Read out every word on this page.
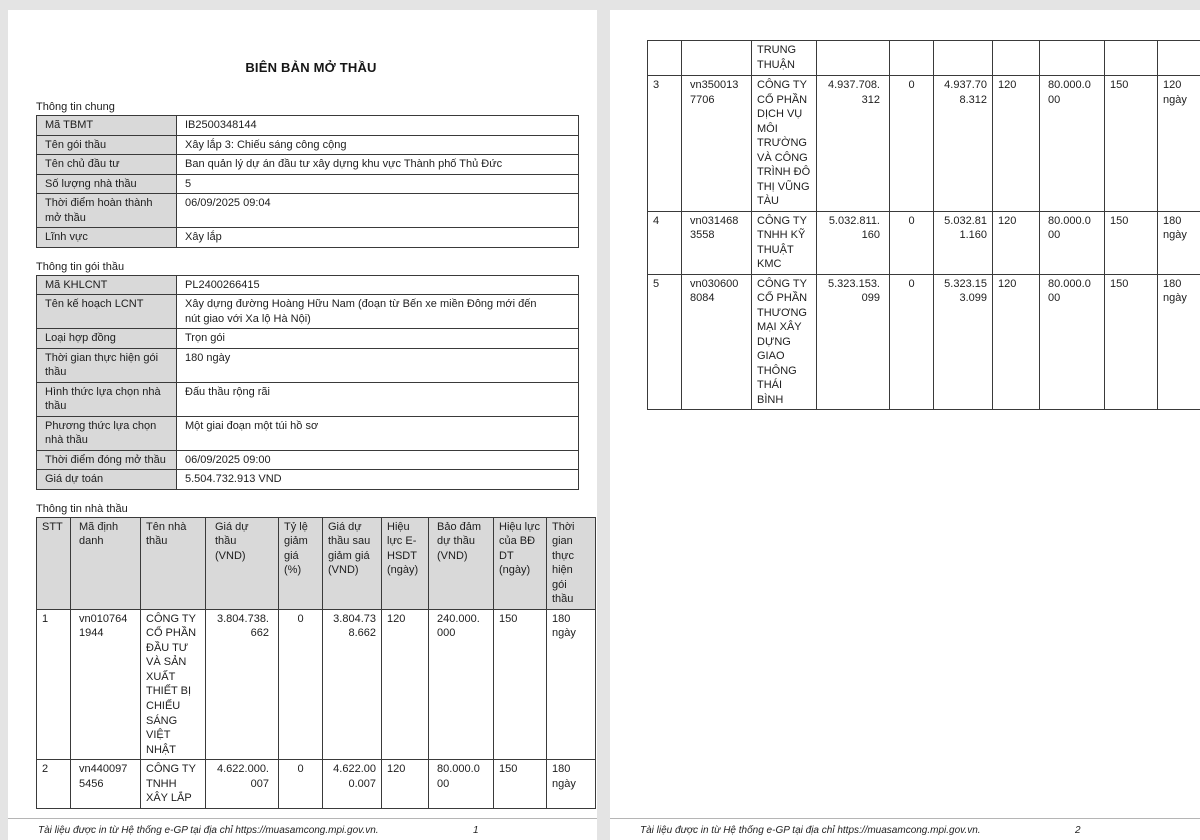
BIÊN BẢN MỞ THẦU
Thông tin chung
Mã TBMT	IB2500348144
Tên gói thầu	Xây lắp 3: Chiếu sáng công cộng
Tên chủ đầu tư	Ban quản lý dự án đầu tư xây dựng khu vực Thành phố Thủ Đức
Số lượng nhà thầu	5
Thời điểm hoàn thành mở thầu	06/09/2025 09:04
Lĩnh vực	Xây lắp
Thông tin gói thầu
Mã KHLCNT	PL2400266415
Tên kế hoạch LCNT	Xây dựng đường Hoàng Hữu Nam (đoạn từ Bến xe miền Đông mới đến nút giao với Xa lộ Hà Nội)
Loại hợp đồng	Trọn gói
Thời gian thực hiện gói thầu	180 ngày
Hình thức lựa chọn nhà thầu	Đấu thầu rộng rãi
Phương thức lựa chọn nhà thầu	Một giai đoạn một túi hồ sơ
Thời điểm đóng mở thầu	06/09/2025 09:00
Giá dự toán	5.504.732.913 VND
Thông tin nhà thầu
STT	Mã định danh	Tên nhà thầu	Giá dự thầu (VND)	Tỷ lệ giảm giá (%)	Giá dự thầu sau giảm giá (VND)	Hiệu lực E-HSDT (ngày)	Bảo đảm dự thầu (VND)	Hiệu lực của BĐ DT (ngày)	Thời gian thực hiện gói thầu
1	vn0107641944	CÔNG TY CỔ PHẦN ĐẦU TƯ VÀ SẢN XUẤT THIẾT BỊ CHIẾU SÁNG VIỆT NHẬT	3.804.738.662	0	3.804.738.662	120	240.000.000	150	180 ngày
2	vn4400975456	CÔNG TY TNHH XÂY LẮP	4.622.000.007	0	4.622.000.007	120	80.000.000	150	180 ngày
Tài liệu được in từ Hệ thống e-GP tại địa chỉ https://muasamcong.mpi.gov.vn.	1
		TRUNG THUẬN							
3	vn3500137706	CÔNG TY CỔ PHẦN DỊCH VỤ MÔI TRƯỜNG VÀ CÔNG TRÌNH ĐÔ THỊ VŨNG TÀU	4.937.708.312	0	4.937.708.312	120	80.000.000	150	120 ngày
4	vn0314683558	CÔNG TY TNHH KỸ THUẬT KMC	5.032.811.160	0	5.032.811.160	120	80.000.000	150	180 ngày
5	vn0306008084	CÔNG TY CỔ PHẦN THƯƠNG MẠI XÂY DỰNG GIAO THÔNG THÁI BÌNH	5.323.153.099	0	5.323.153.099	120	80.000.000	150	180 ngày
Tài liệu được in từ Hệ thống e-GP tại địa chỉ https://muasamcong.mpi.gov.vn.	2
